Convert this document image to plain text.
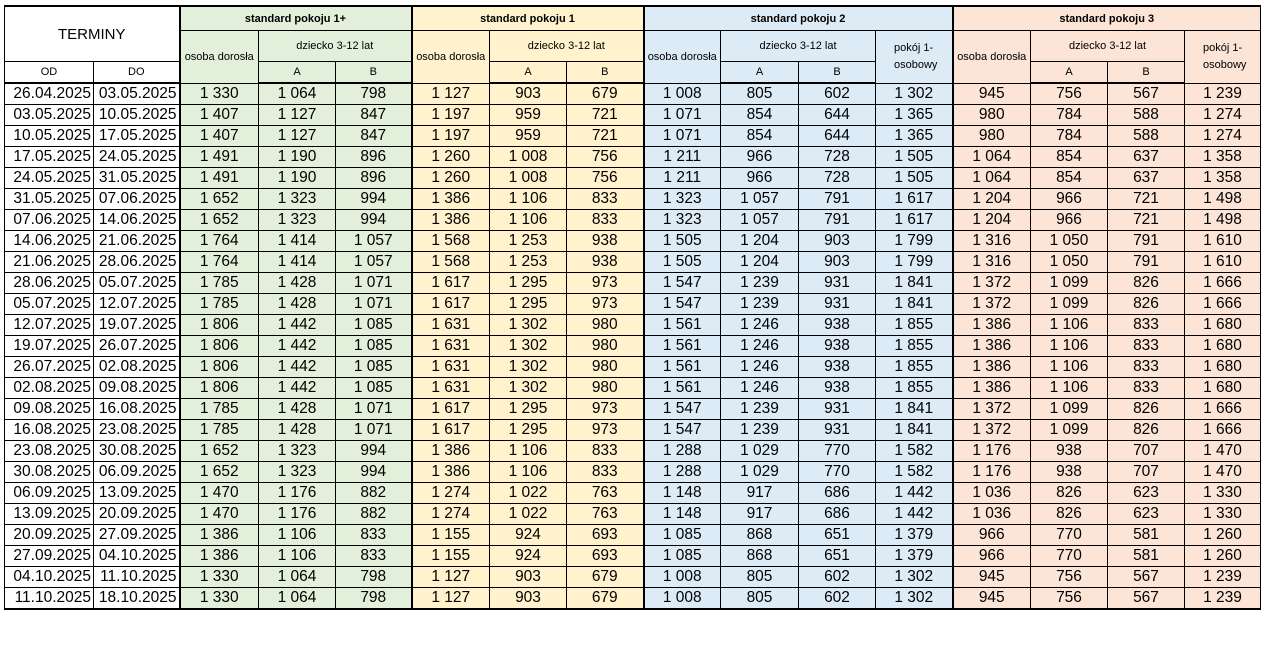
TERMINY		standard pokoju 1+			standard pokoju 1			standard pokoju 2				standard pokoju 3			
		osoba dorosła	dziecko 3-12 lat		osoba dorosła	dziecko 3-12 lat		osoba dorosła	dziecko 3-12 lat		pokój 1-osobowy	osoba dorosła	dziecko 3-12 lat		pokój 1-osobowy
OD	DO		A	B		A	B		A	B			A	B	
26.04.2025	03.05.2025	1 330	1 064	798	1 127	903	679	1 008	805	602	1 302	945	756	567	1 239
03.05.2025	10.05.2025	1 407	1 127	847	1 197	959	721	1 071	854	644	1 365	980	784	588	1 274
10.05.2025	17.05.2025	1 407	1 127	847	1 197	959	721	1 071	854	644	1 365	980	784	588	1 274
17.05.2025	24.05.2025	1 491	1 190	896	1 260	1 008	756	1 211	966	728	1 505	1 064	854	637	1 358
24.05.2025	31.05.2025	1 491	1 190	896	1 260	1 008	756	1 211	966	728	1 505	1 064	854	637	1 358
31.05.2025	07.06.2025	1 652	1 323	994	1 386	1 106	833	1 323	1 057	791	1 617	1 204	966	721	1 498
07.06.2025	14.06.2025	1 652	1 323	994	1 386	1 106	833	1 323	1 057	791	1 617	1 204	966	721	1 498
14.06.2025	21.06.2025	1 764	1 414	1 057	1 568	1 253	938	1 505	1 204	903	1 799	1 316	1 050	791	1 610
21.06.2025	28.06.2025	1 764	1 414	1 057	1 568	1 253	938	1 505	1 204	903	1 799	1 316	1 050	791	1 610
28.06.2025	05.07.2025	1 785	1 428	1 071	1 617	1 295	973	1 547	1 239	931	1 841	1 372	1 099	826	1 666
05.07.2025	12.07.2025	1 785	1 428	1 071	1 617	1 295	973	1 547	1 239	931	1 841	1 372	1 099	826	1 666
12.07.2025	19.07.2025	1 806	1 442	1 085	1 631	1 302	980	1 561	1 246	938	1 855	1 386	1 106	833	1 680
19.07.2025	26.07.2025	1 806	1 442	1 085	1 631	1 302	980	1 561	1 246	938	1 855	1 386	1 106	833	1 680
26.07.2025	02.08.2025	1 806	1 442	1 085	1 631	1 302	980	1 561	1 246	938	1 855	1 386	1 106	833	1 680
02.08.2025	09.08.2025	1 806	1 442	1 085	1 631	1 302	980	1 561	1 246	938	1 855	1 386	1 106	833	1 680
09.08.2025	16.08.2025	1 785	1 428	1 071	1 617	1 295	973	1 547	1 239	931	1 841	1 372	1 099	826	1 666
16.08.2025	23.08.2025	1 785	1 428	1 071	1 617	1 295	973	1 547	1 239	931	1 841	1 372	1 099	826	1 666
23.08.2025	30.08.2025	1 652	1 323	994	1 386	1 106	833	1 288	1 029	770	1 582	1 176	938	707	1 470
30.08.2025	06.09.2025	1 652	1 323	994	1 386	1 106	833	1 288	1 029	770	1 582	1 176	938	707	1 470
06.09.2025	13.09.2025	1 470	1 176	882	1 274	1 022	763	1 148	917	686	1 442	1 036	826	623	1 330
13.09.2025	20.09.2025	1 470	1 176	882	1 274	1 022	763	1 148	917	686	1 442	1 036	826	623	1 330
20.09.2025	27.09.2025	1 386	1 106	833	1 155	924	693	1 085	868	651	1 379	966	770	581	1 260
27.09.2025	04.10.2025	1 386	1 106	833	1 155	924	693	1 085	868	651	1 379	966	770	581	1 260
04.10.2025	11.10.2025	1 330	1 064	798	1 127	903	679	1 008	805	602	1 302	945	756	567	1 239
11.10.2025	18.10.2025	1 330	1 064	798	1 127	903	679	1 008	805	602	1 302	945	756	567	1 239
